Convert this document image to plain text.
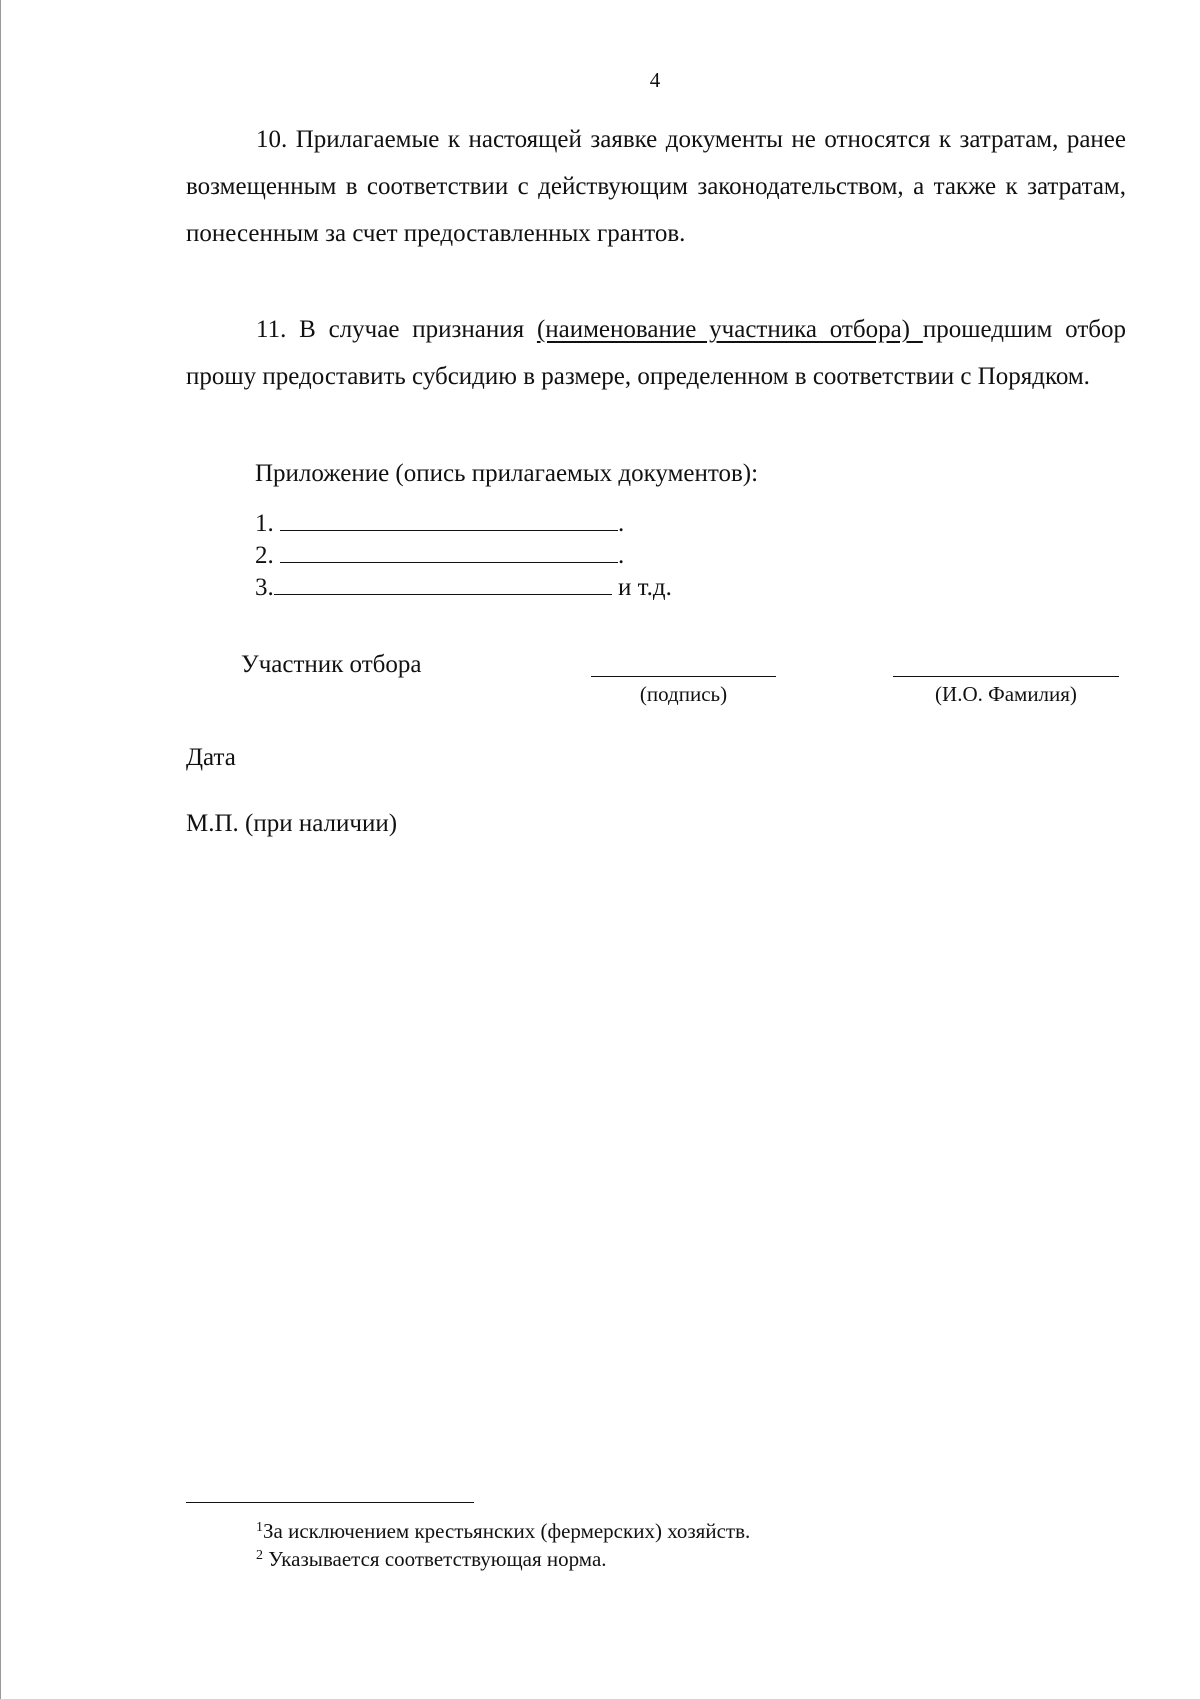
4

10. Прилагаемые к настоящей заявке документы не относятся к затратам, ранее возмещенным в соответствии с действующим законодательством, а также к затратам, понесенным за счет предоставленных грантов.

11. В случае признания (наименование участника отбора) прошедшим отбор прошу предоставить субсидию в размере, определенном в соответствии с Порядком.

Приложение (опись прилагаемых документов):
1.	.
2.	.
3.	и т.д.
Участник отбора
(подпись)	(И.О. Фамилия)
Дата
М.П. (при наличии)
$^1$За исключением крестьянских (фермерских) хозяйств.
$^2$ Указывается соответствующая норма.
